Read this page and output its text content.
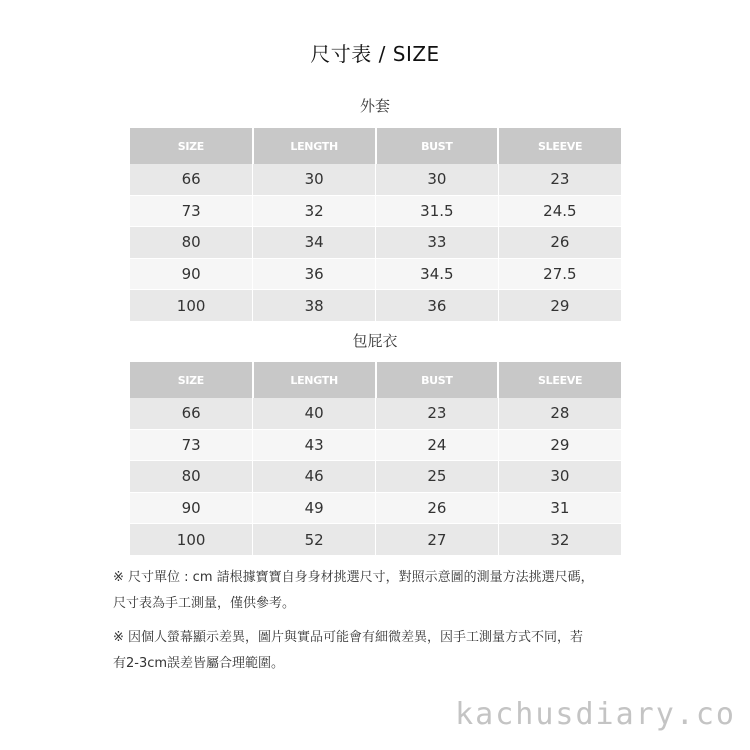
尺寸表 / SIZE
外套
SIZE	LENGTH	BUST	SLEEVE
66	30	30	23
73	32	31.5	24.5
80	34	33	26
90	36	34.5	27.5
100	38	36	29
包屁衣
SIZE	LENGTH	BUST	SLEEVE
66	40	23	28
73	43	24	29
80	46	25	30
90	49	26	31
100	52	27	32
※ 尺寸單位 : cm 請根據寶寶自身身材挑選尺寸，對照示意圖的測量方法挑選尺碼，
尺寸表為手工測量，僅供參考。
※ 因個人螢幕顯示差異，圖片與實品可能會有細微差異，因手工測量方式不同，若
有2-3cm誤差皆屬合理範圍。
kachusdiary.co
